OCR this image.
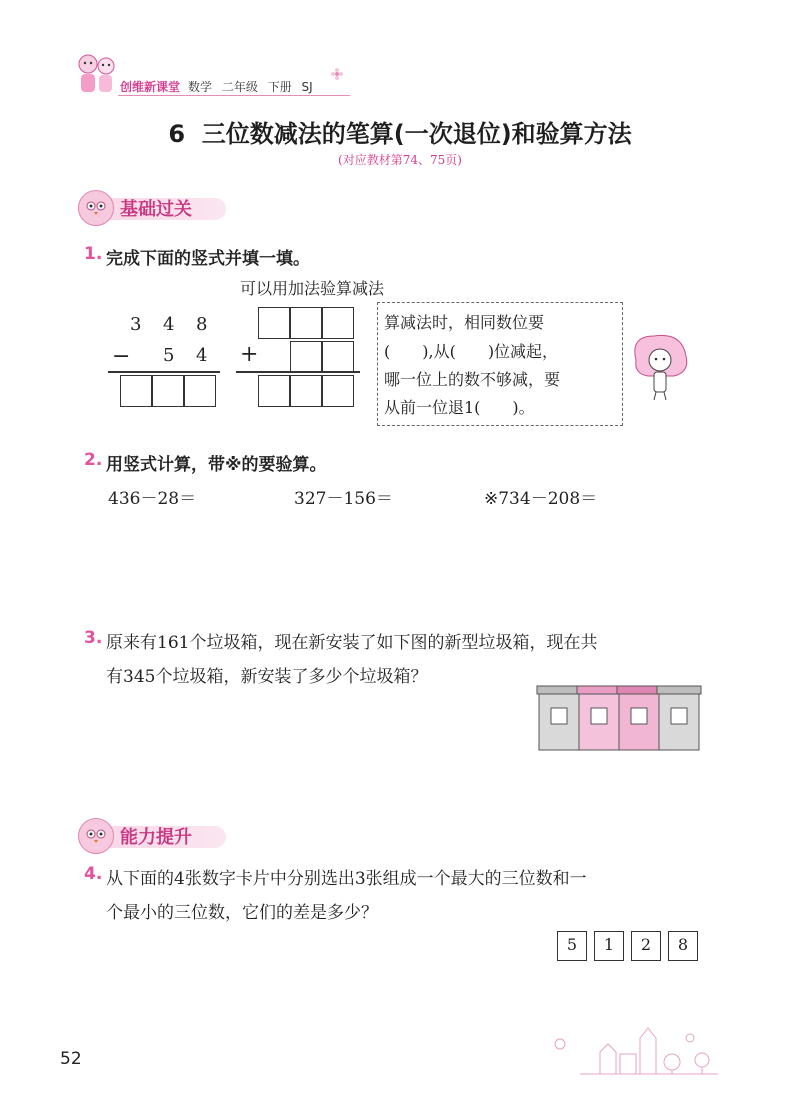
创维新课堂 数学 二年级 下册 SJ
6 三位数减法的笔算(一次退位)和验算方法
(对应教材第74、75页)
基础过关
1. 完成下面的竖式并填一填。
可以用加法验算减法
3 4 8
− 5 4 +
算减法时，相同数位要
(　　),从(　　)位减起，
哪一位上的数不够减，要
从前一位退1(　　)。
2. 用竖式计算，带※的要验算。
436－28＝	327－156＝	※734－208＝
3. 原来有161个垃圾箱，现在新安装了如下图的新型垃圾箱，现在共
有345个垃圾箱，新安装了多少个垃圾箱？
能力提升
4. 从下面的4张数字卡片中分别选出3张组成一个最大的三位数和一
个最小的三位数，它们的差是多少？
5	1	2	8
52
